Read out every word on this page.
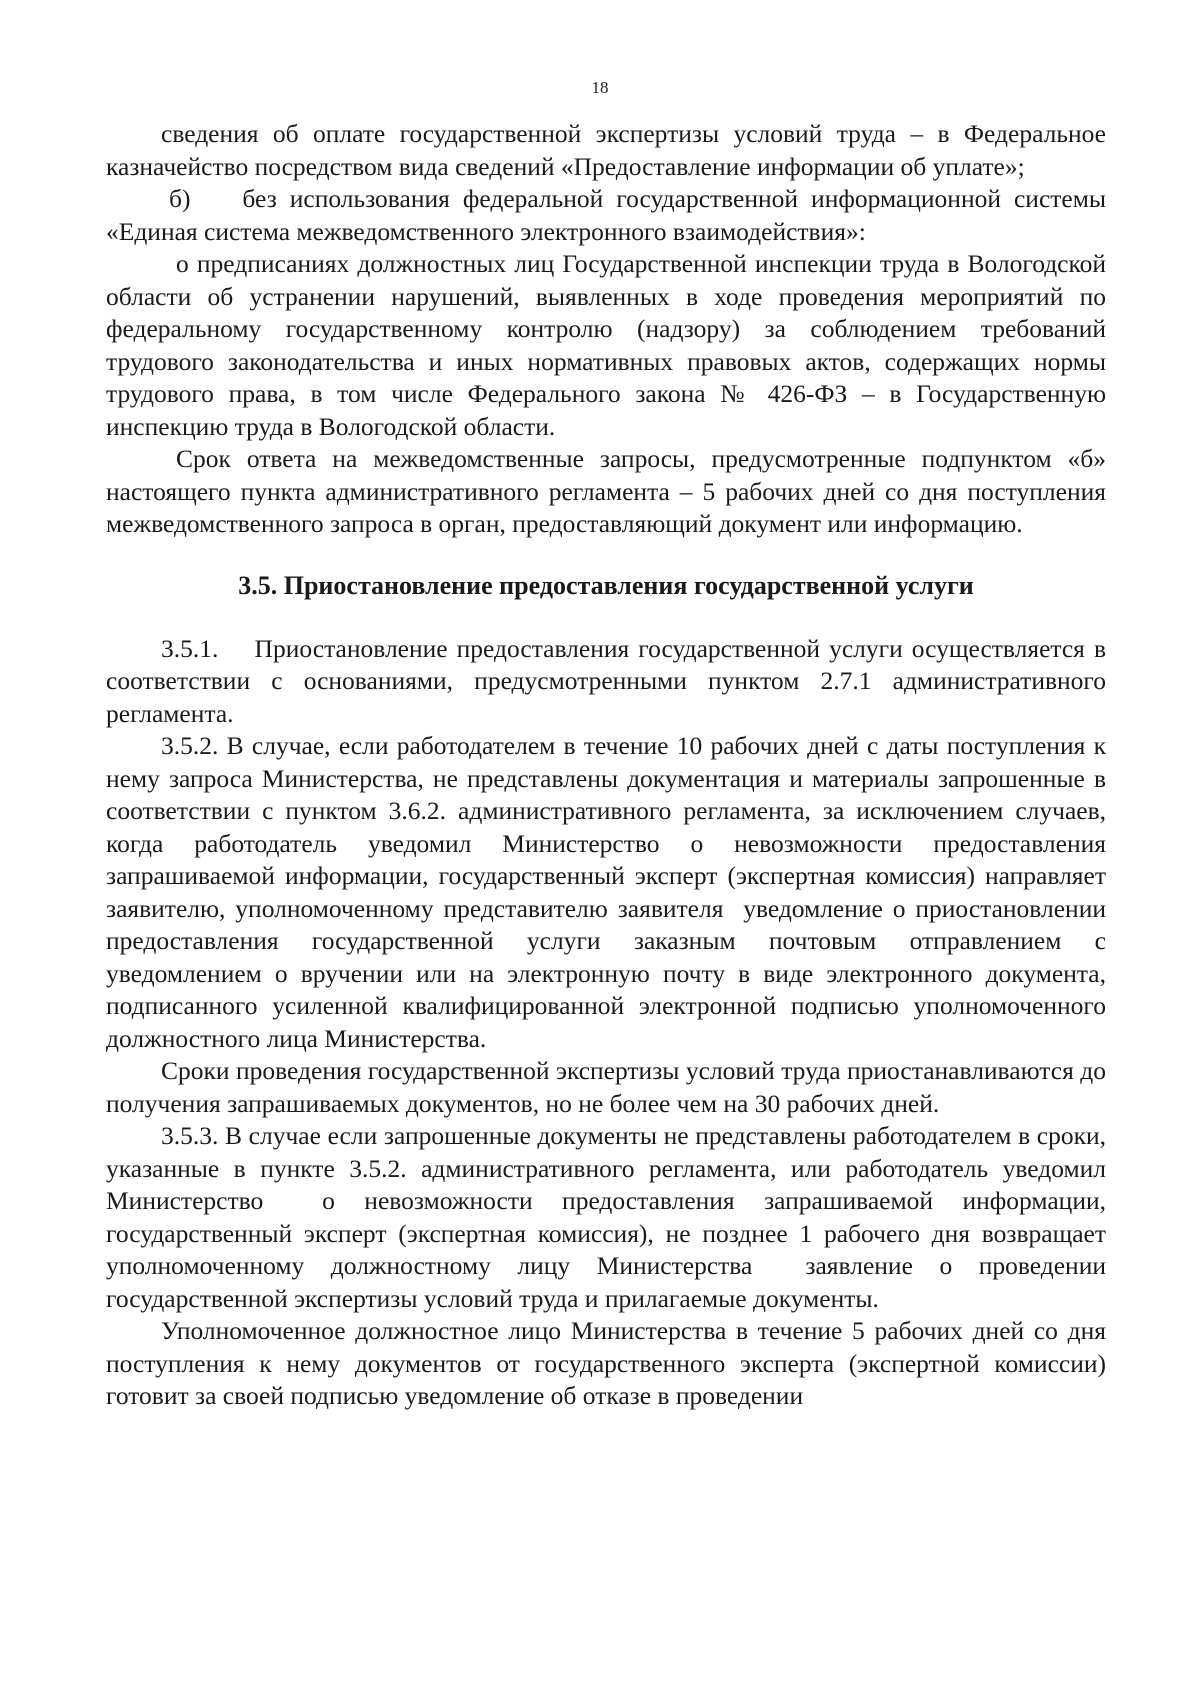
18

сведения об оплате государственной экспертизы условий труда – в Федеральное казначейство посредством вида сведений «Предоставление информации об уплате»;

б)    без использования федеральной государственной информационной системы «Единая система межведомственного электронного взаимодействия»:

о предписаниях должностных лиц Государственной инспекции труда в Вологодской области об устранении нарушений, выявленных в ходе проведения мероприятий по федеральному государственному контролю (надзору) за соблюдением требований трудового законодательства и иных нормативных правовых актов, содержащих нормы трудового права, в том числе Федерального закона № 426-ФЗ – в Государственную инспекцию труда в Вологодской области.

Срок ответа на межведомственные запросы, предусмотренные подпунктом «б» настоящего пункта административного регламента – 5 рабочих дней со дня поступления межведомственного запроса в орган, предоставляющий документ или информацию.

3.5. Приостановление предоставления государственной услуги

3.5.1.    Приостановление предоставления государственной услуги осуществляется в соответствии с основаниями, предусмотренными пунктом 2.7.1 административного регламента.

3.5.2. В случае, если работодателем в течение 10 рабочих дней с даты поступления к нему запроса Министерства, не представлены документация и материалы запрошенные в соответствии с пунктом 3.6.2. административного регламента, за исключением случаев, когда работодатель уведомил Министерство о невозможности предоставления запрашиваемой информации, государственный эксперт (экспертная комиссия) направляет заявителю, уполномоченному представителю заявителя  уведомление о приостановлении предоставления государственной услуги заказным почтовым отправлением с уведомлением о вручении или на электронную почту в виде электронного документа, подписанного усиленной квалифицированной электронной подписью уполномоченного должностного лица Министерства.

Сроки проведения государственной экспертизы условий труда приостанавливаются до получения запрашиваемых документов, но не более чем на 30 рабочих дней.

3.5.3. В случае если запрошенные документы не представлены работодателем в сроки, указанные в пункте 3.5.2. административного регламента, или работодатель уведомил Министерство  о невозможности предоставления запрашиваемой информации, государственный эксперт (экспертная комиссия), не позднее 1 рабочего дня возвращает уполномоченному должностному лицу Министерства  заявление о проведении государственной экспертизы условий труда и прилагаемые документы.

Уполномоченное должностное лицо Министерства в течение 5 рабочих дней со дня поступления к нему документов от государственного эксперта (экспертной комиссии) готовит за своей подписью уведомление об отказе в проведении
